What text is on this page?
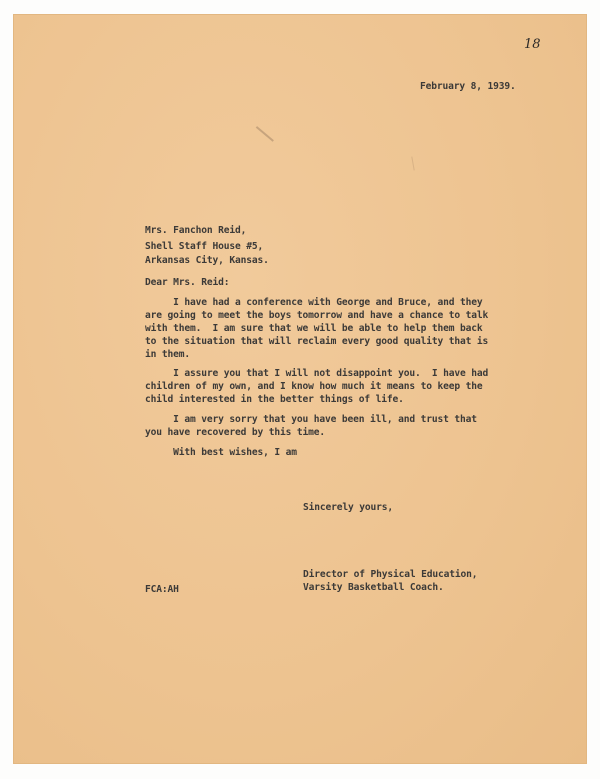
18
February 8, 1939.
Mrs. Fanchon Reid,
Shell Staff House #5,
Arkansas City, Kansas.
Dear Mrs. Reid:
I have had a conference with George and Bruce, and they
are going to meet the boys tomorrow and have a chance to talk
with them.  I am sure that we will be able to help them back
to the situation that will reclaim every good quality that is
in them.
I assure you that I will not disappoint you.  I have had
children of my own, and I know how much it means to keep the
child interested in the better things of life.
I am very sorry that you have been ill, and trust that
you have recovered by this time.
With best wishes, I am
Sincerely yours,
FCA:AH
Director of Physical Education,
Varsity Basketball Coach.
